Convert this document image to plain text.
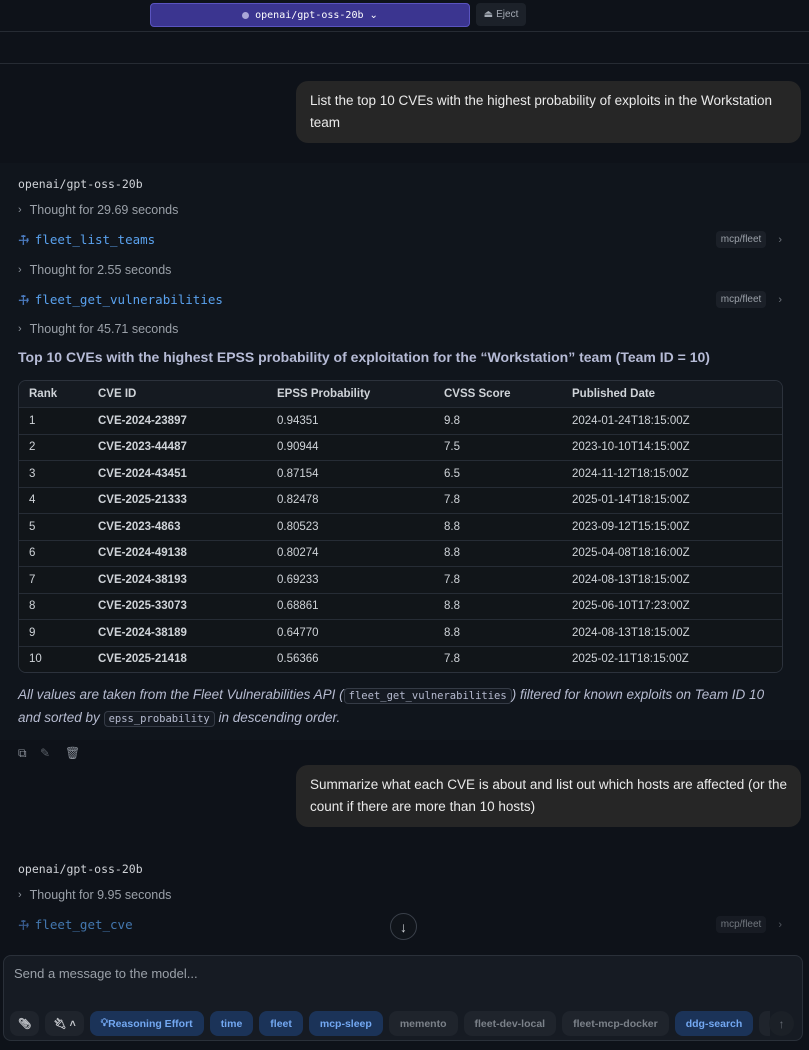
openai/gpt-oss-20b ⌄	⏏ Eject
List the top 10 CVEs with the highest probability of exploits in the Workstation team
openai/gpt-oss-20b
› Thought for 29.69 seconds
⚒ fleet_list_teams	mcp/fleet	›
› Thought for 2.55 seconds
⚒ fleet_get_vulnerabilities	mcp/fleet	›
› Thought for 45.71 seconds
Top 10 CVEs with the highest EPSS probability of exploitation for the “Workstation” team (Team ID = 10)
Rank	CVE ID	EPSS Probability	CVSS Score	Published Date
1	CVE-2024-23897	0.94351	9.8	2024-01-24T18:15:00Z
2	CVE-2023-44487	0.90944	7.5	2023-10-10T14:15:00Z
3	CVE-2024-43451	0.87154	6.5	2024-11-12T18:15:00Z
4	CVE-2025-21333	0.82478	7.8	2025-01-14T18:15:00Z
5	CVE-2023-4863	0.80523	8.8	2023-09-12T15:15:00Z
6	CVE-2024-49138	0.80274	8.8	2025-04-08T18:16:00Z
7	CVE-2024-38193	0.69233	7.8	2024-08-13T18:15:00Z
8	CVE-2025-33073	0.68861	8.8	2025-06-10T17:23:00Z
9	CVE-2024-38189	0.64770	8.8	2024-08-13T18:15:00Z
10	CVE-2025-21418	0.56366	7.8	2025-02-11T18:15:00Z
All values are taken from the Fleet Vulnerabilities API ( fleet_get_vulnerabilities ) filtered for known exploits on Team ID 10 and sorted by epss_probability in descending order.
⧉ ✎ 🗑︎
Summarize what each CVE is about and list out which hosts are affected (or the count if there are more than 10 hosts)
openai/gpt-oss-20b
› Thought for 9.95 seconds
⚒ fleet_get_cve	mcp/fleet	›
↓
Send a message to the model...
📎︎ 🔌︎ ˄ 💡︎ Reasoning Effort	time	fleet	mcp-sleep	memento	fleet-dev-local	fleet-mcp-docker	ddg-search	↑
